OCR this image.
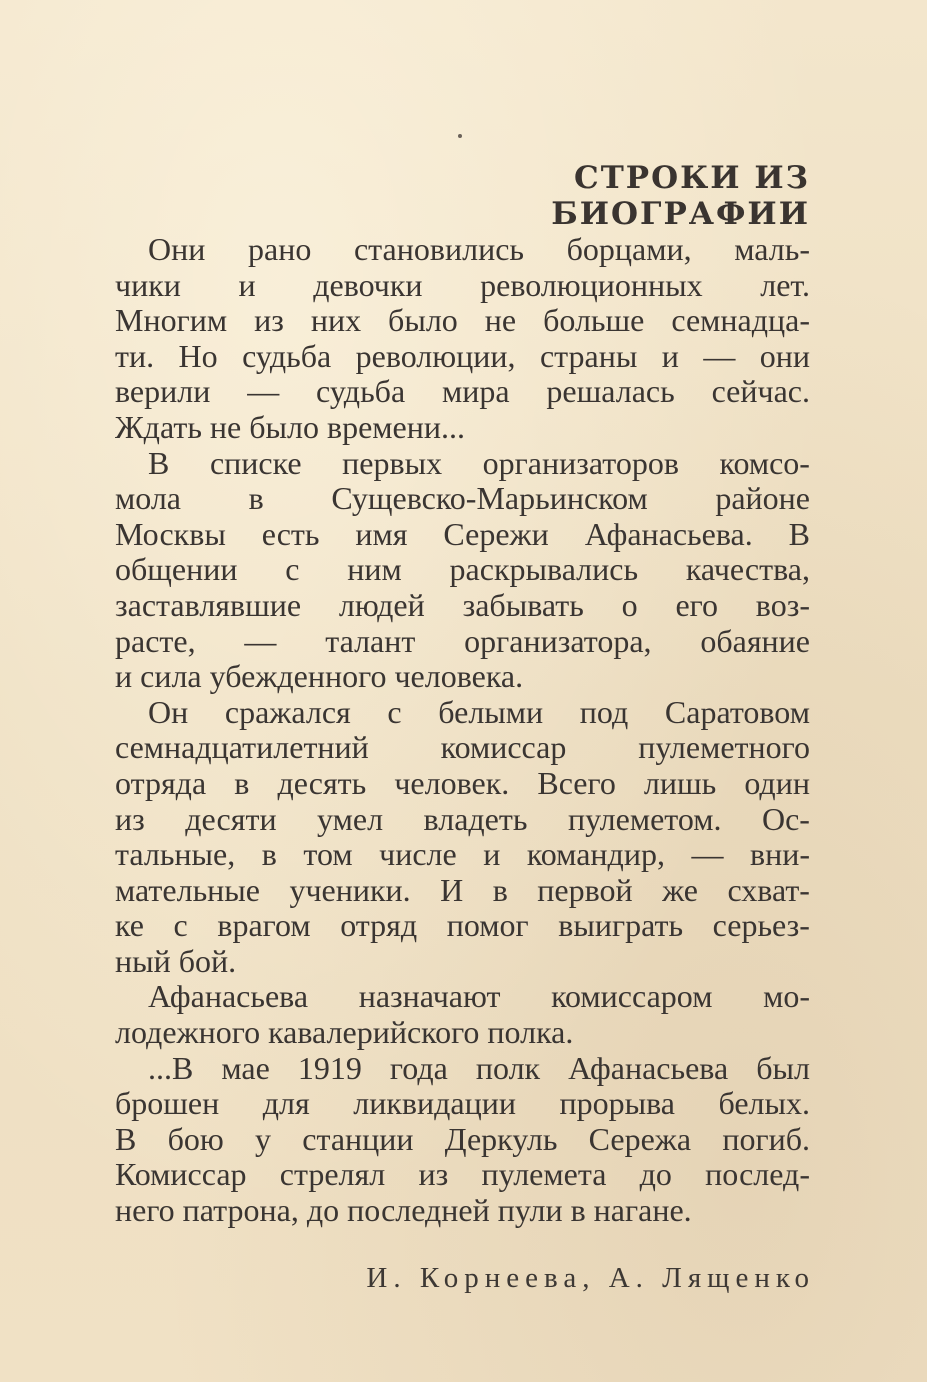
СТРОКИ ИЗ БИОГРАФИИ
Они рано становились борцами, маль-
чики и девочки революционных лет.
Многим из них было не больше семнадца-
ти. Но судьба революции, страны и — они
верили — судьба мира решалась сейчас.
Ждать не было времени...
В списке первых организаторов комсо-
мола в Сущевско-Марьинском районе
Москвы есть имя Сережи Афанасьева. В
общении с ним раскрывались качества,
заставлявшие людей забывать о его воз-
расте, — талант организатора, обаяние
и сила убежденного человека.
Он сражался с белыми под Саратовом
семнадцатилетний комиссар пулеметного
отряда в десять человек. Всего лишь один
из десяти умел владеть пулеметом. Ос-
тальные, в том числе и командир, — вни-
мательные ученики. И в первой же схват-
ке с врагом отряд помог выиграть серьез-
ный бой.
Афанасьева назначают комиссаром мо-
лодежного кавалерийского полка.
...В мае 1919 года полк Афанасьева был
брошен для ликвидации прорыва белых.
В бою у станции Деркуль Сережа погиб.
Комиссар стрелял из пулемета до послед-
него патрона, до последней пули в нагане.
И. Корнеева, А. Лященко
